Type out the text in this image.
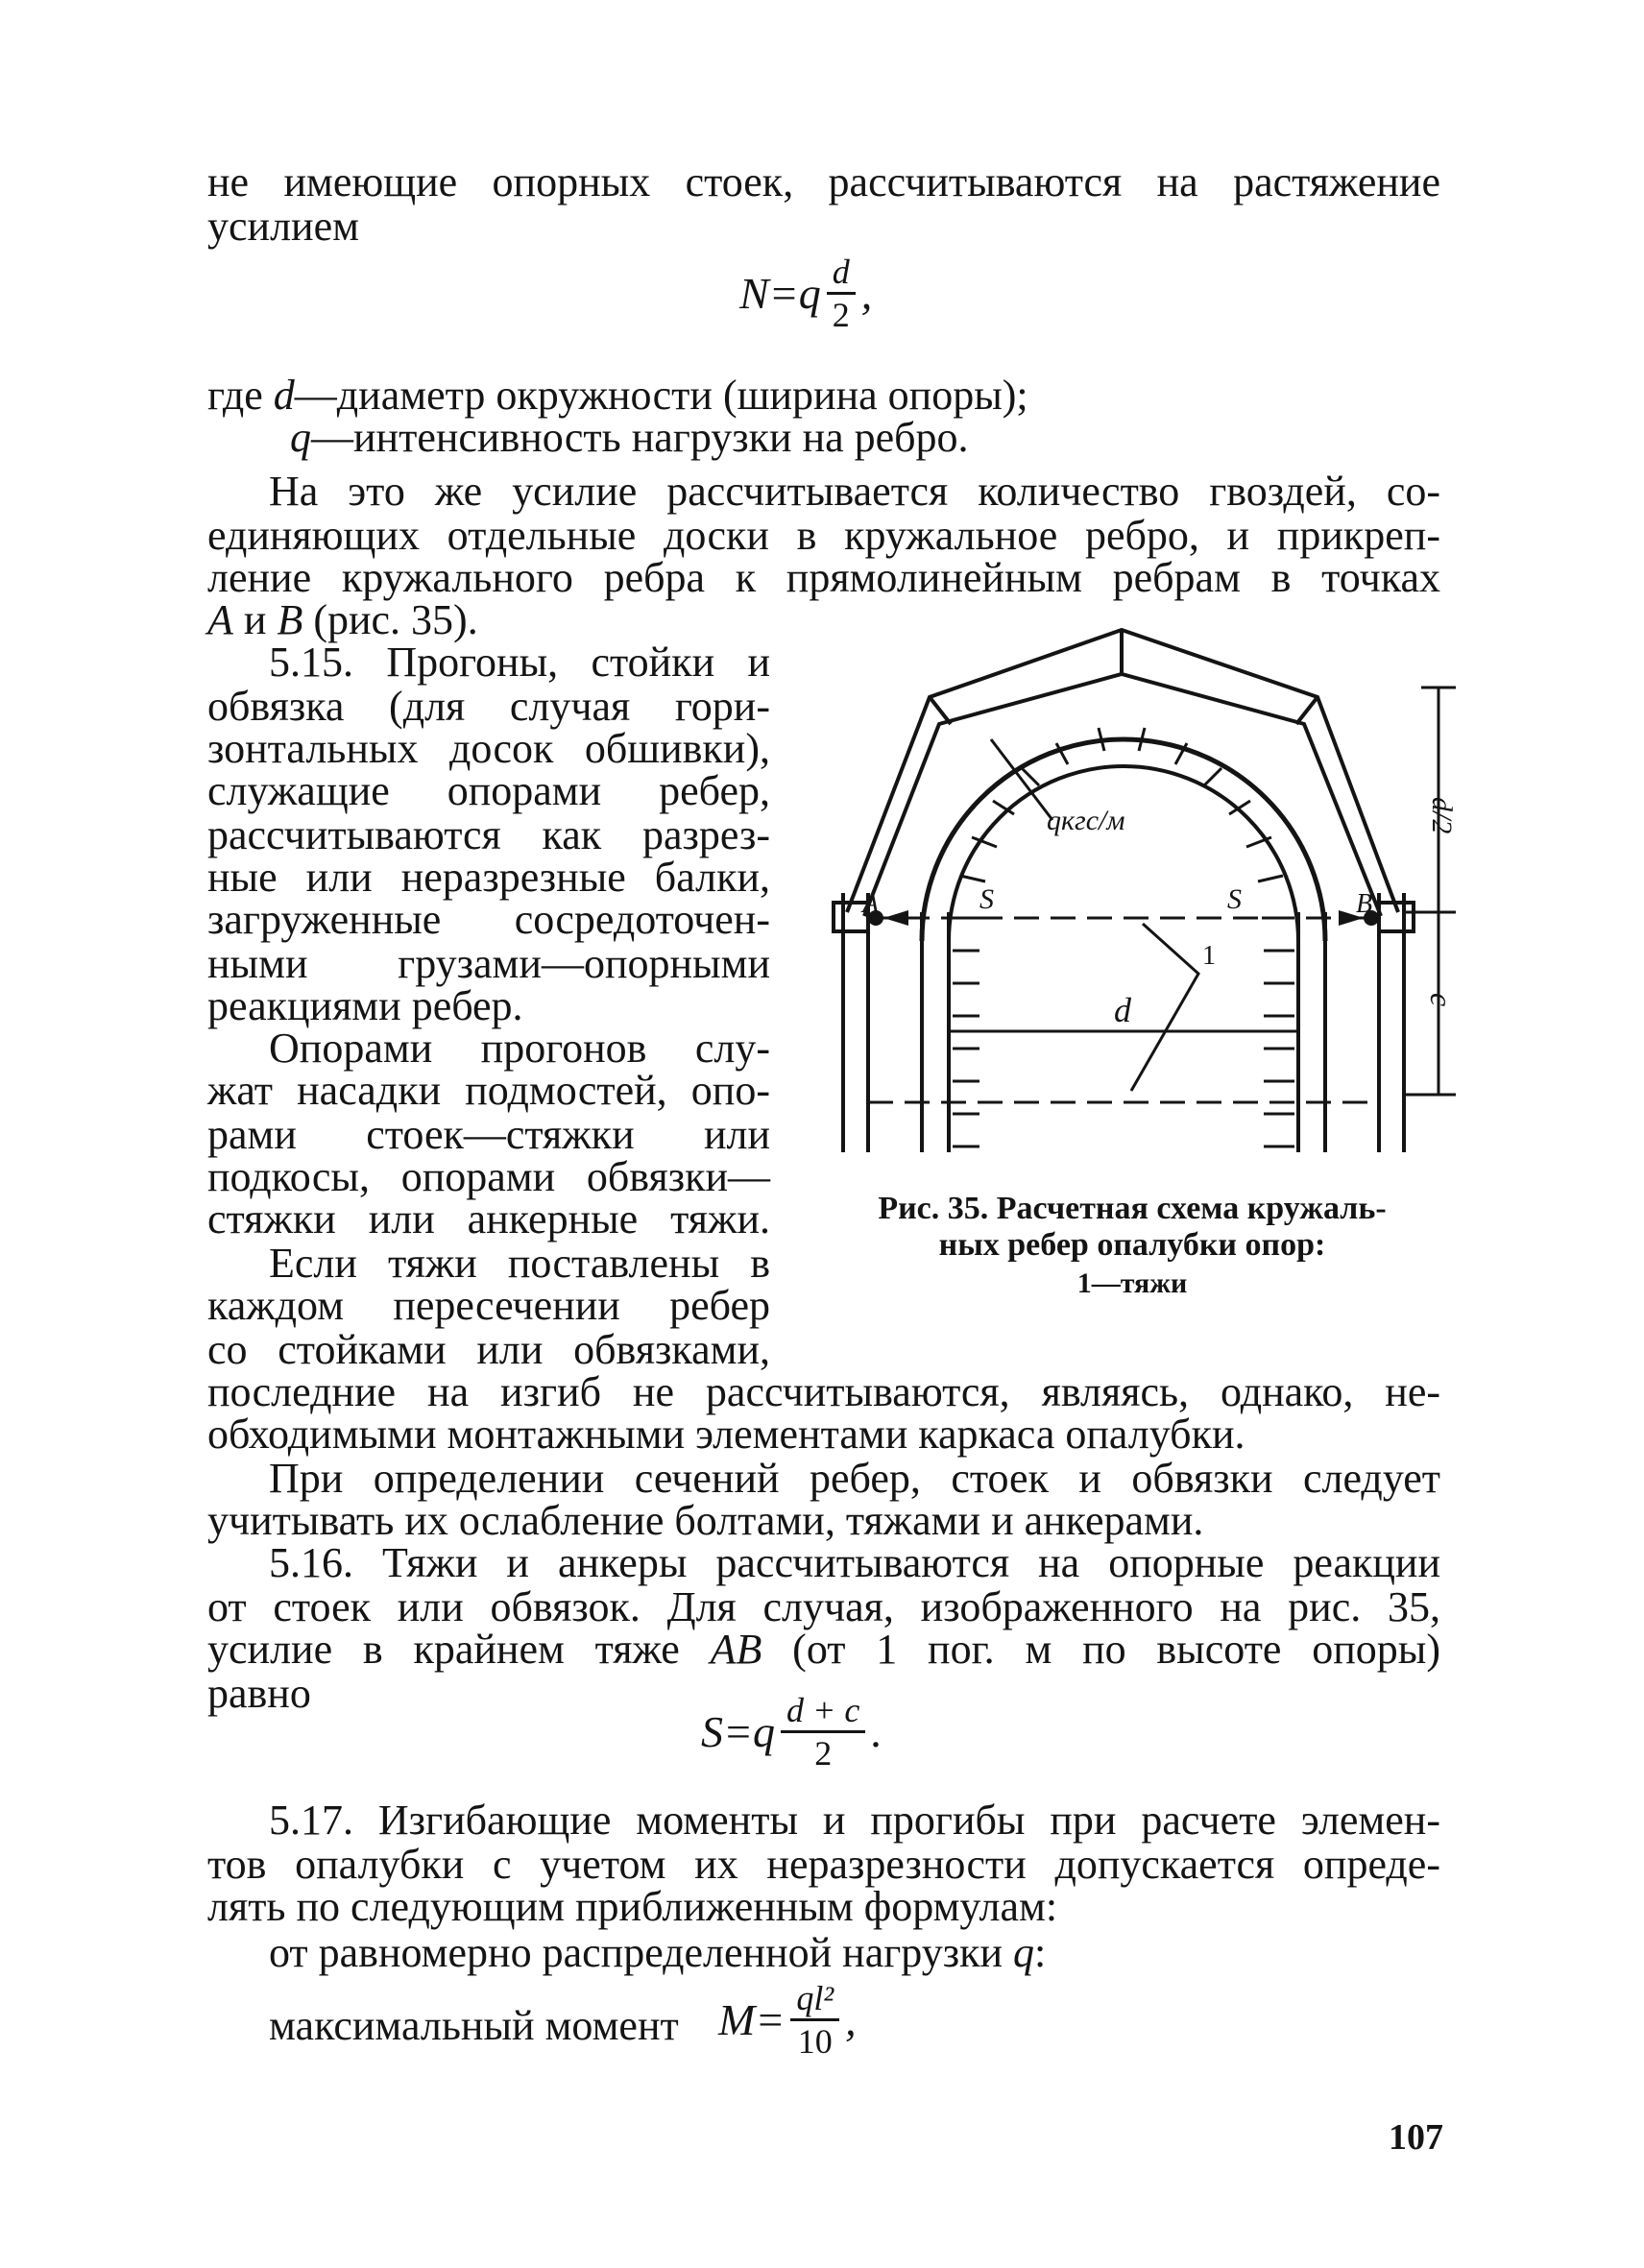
не имеющие опорных стоек, рассчитываются на растяжение
усилием
$N=q \frac{d}{2}$ ,
где d—диаметр окружности (ширина опоры);
q—интенсивность нагрузки на ребро.
На это же усилие рассчитывается количество гвоздей, со-
единяющих отдельные доски в кружальное ребро, и прикреп-
ление кружального ребра к прямолинейным ребрам в точках
A и B (рис. 35).
5.15. Прогоны, стойки и
обвязка (для случая гори-
зонтальных досок обшивки),
служащие опорами ребер,
рассчитываются как разрез-
ные или неразрезные балки,
загруженные сосредоточен-
ными грузами—опорными
реакциями ребер.
Опорами прогонов слу-
жат насадки подмостей, опо-
рами стоек—стяжки или
подкосы, опорами обвязки—
стяжки или анкерные тяжи.
Если тяжи поставлены в
каждом пересечении ребер
со стойками или обвязками,
последние на изгиб не рассчитываются, являясь, однако, не-
обходимыми монтажными элементами каркаса опалубки.
При определении сечений ребер, стоек и обвязки следует
учитывать их ослабление болтами, тяжами и анкерами.
A	B
S	S
qкгс/м
d
1
d/2
c
Рис. 35. Расчетная схема кружаль-
ных ребер опалубки опор:
1—тяжи
5.16. Тяжи и анкеры рассчитываются на опорные реакции
от стоек или обвязок. Для случая, изображенного на рис. 35,
усилие в крайнем тяже AB (от 1 пог. м по высоте опоры)
равно
$S=q \frac{d + c}{2}$ .
5.17. Изгибающие моменты и прогибы при расчете элемен-
тов опалубки с учетом их неразрезности допускается опреде-
лять по следующим приближенным формулам:
от равномерно распределенной нагрузки q:
максимальный момент $M= \frac{\text{ql²}}{10}$ ,
107
